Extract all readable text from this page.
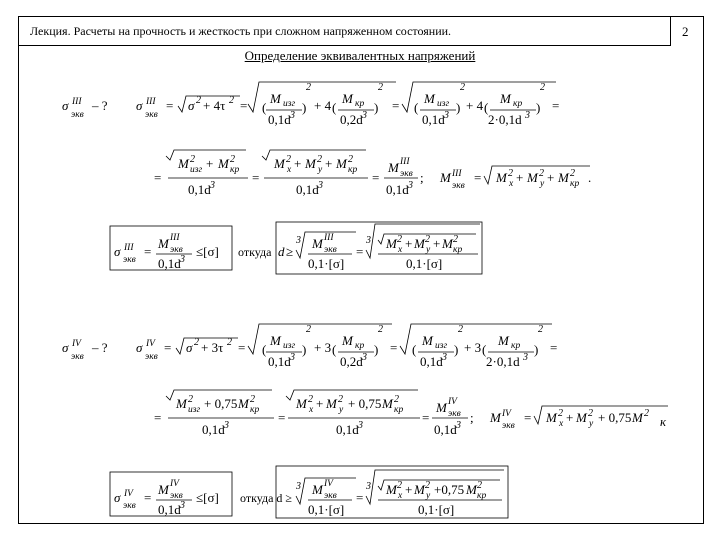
Лекция. Расчеты на прочность и жесткость при сложном напряженном состоянии.	2
Определение эквивалентных напряжений
σ III
экв
– ? σ III
экв
= σ 2 + 4τ 2 = (
M изг
0,1d 3
)
2
+ 4 (
M кр
0,2d 3
)
2
= (
M изг
0,1d 3
)
2
+ 4 (
M кр
2·0,1d 3
)
2
=
=
M 2
изг + M 2
кр
0,1d 3
=
M 2
x + M 2
y + M 2
кр
0,1d 3
=
M III
экв
0,1d 3
; M III
экв
= M 2
x + M 2
y + M 2
кр .
σ III
экв
=
M III
экв
0,1d 3
≤[σ] откуда d ≥
3 M III
экв
0,1·[σ]
=
3 M 2
x + M 2
y + M 2
кр
0,1·[σ]
σ IV
экв
– ? σ IV
экв
= σ 2 + 3τ 2 = (
M изг
0,1d 3
)
2
+ 3 (
M кр
0,2d 3
)
2
= (
M изг
0,1d 3
)
2
+ 3 (
M кр
2·0,1d 3
)
2
=
=
M 2
изг + 0,75 M 2
кр
0,1d 3
=
M 2
x + M 2
y + 0,75 M 2
кр
0,1d 3
=
M IV
экв
0,1d 3
; M IV
экв
= M 2
x + M 2
y + 0,75 M 2
к
σ IV
экв
=
M IV
экв
0,1d 3
≤[σ] откуда d ≥
3 M IV
экв
0,1·[σ]
=
3 M 2
x + M 2
y +0,75 M 2
кр
0,1·[σ]
